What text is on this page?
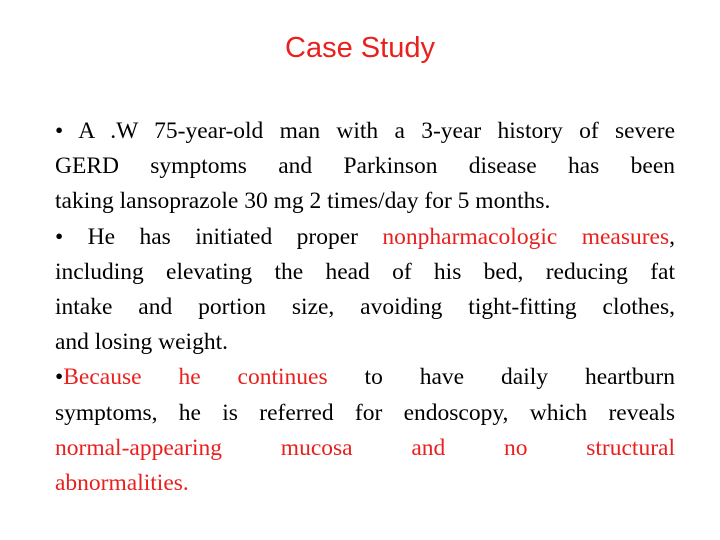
Case Study
• A .W 75-year-old man with a 3-year history of severe
GERD symptoms and Parkinson disease has been
taking lansoprazole 30 mg 2 times/day for 5 months.
• He has initiated proper nonpharmacologic measures,
including elevating the head of his bed, reducing fat
intake and portion size, avoiding tight-fitting clothes,
and losing weight.
•Because he continues to have daily heartburn
symptoms, he is referred for endoscopy, which reveals
normal-appearing mucosa and no structural
abnormalities.
